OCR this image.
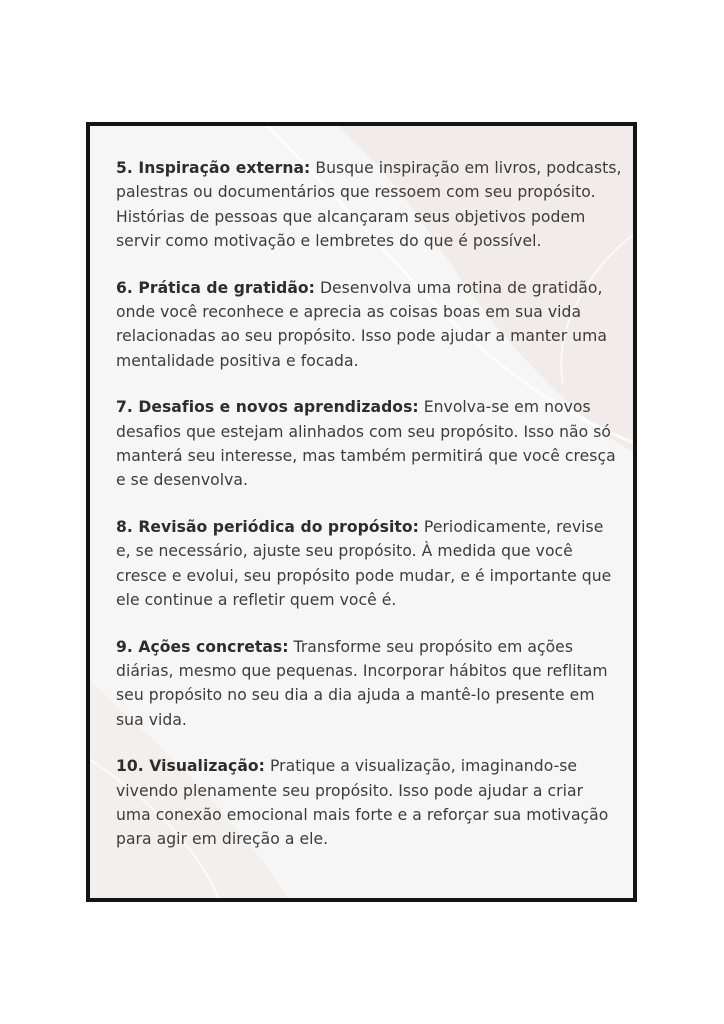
5. Inspiração externa: Busque inspiração em livros, podcasts, palestras ou documentários que ressoem com seu propósito. Histórias de pessoas que alcançaram seus objetivos podem servir como motivação e lembretes do que é possível.

6. Prática de gratidão: Desenvolva uma rotina de gratidão, onde você reconhece e aprecia as coisas boas em sua vida relacionadas ao seu propósito. Isso pode ajudar a manter uma mentalidade positiva e focada.

7. Desafios e novos aprendizados: Envolva-se em novos desafios que estejam alinhados com seu propósito. Isso não só manterá seu interesse, mas também permitirá que você cresça e se desenvolva.

8. Revisão periódica do propósito: Periodicamente, revise e, se necessário, ajuste seu propósito. À medida que você cresce e evolui, seu propósito pode mudar, e é importante que ele continue a refletir quem você é.

9. Ações concretas: Transforme seu propósito em ações diárias, mesmo que pequenas. Incorporar hábitos que reflitam seu propósito no seu dia a dia ajuda a mantê-lo presente em sua vida.

10. Visualização: Pratique a visualização, imaginando-se vivendo plenamente seu propósito. Isso pode ajudar a criar uma conexão emocional mais forte e a reforçar sua motivação para agir em direção a ele.
